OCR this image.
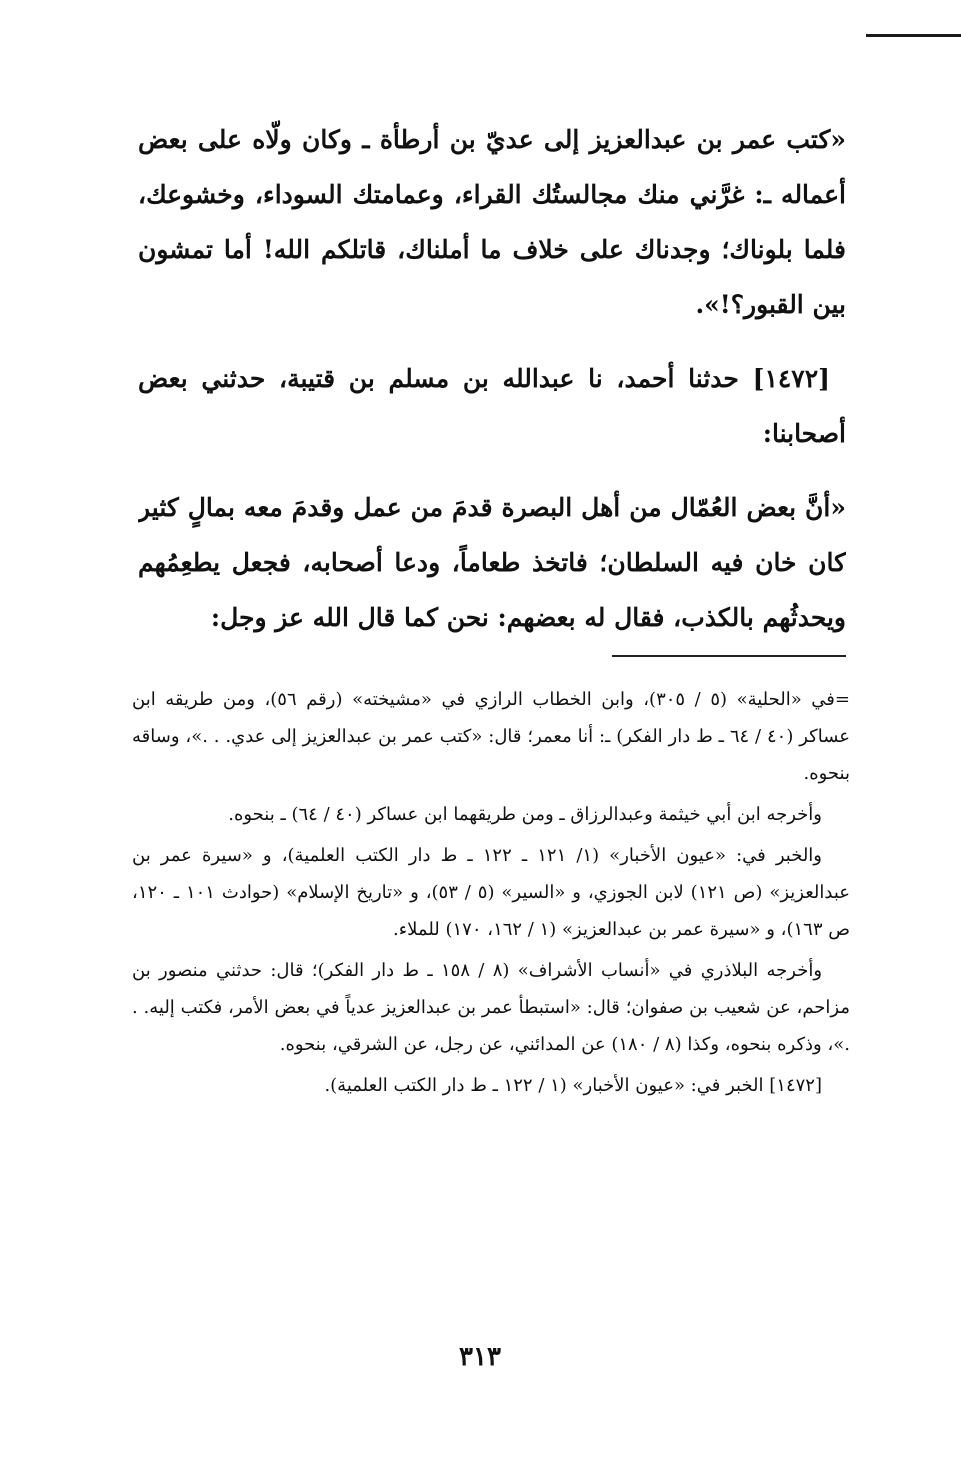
«كتب عمر بن عبدالعزيز إلى عديّ بن أرطأة ـ وكان ولّاه على بعض أعماله ـ: غرَّني منك مجالستُك القراء، وعمامتك السوداء، وخشوعك، فلما بلوناك؛ وجدناك على خلاف ما أملناك، قاتلكم الله! أما تمشون بين القبور؟!».

[١٤٧٢] حدثنا أحمد، نا عبدالله بن مسلم بن قتيبة، حدثني بعض أصحابنا:

«أنَّ بعض العُمّال من أهل البصرة قدمَ من عمل وقدمَ معه بمالٍ كثير كان خان فيه السلطان؛ فاتخذ طعاماً، ودعا أصحابه، فجعل يطعِمُهم ويحدثُهم بالكذب، فقال له بعضهم: نحن كما قال الله عز وجل:

=في «الحلية» (٥ / ٣٠٥)، وابن الخطاب الرازي في «مشيخته» (رقم ٥٦)، ومن طريقه ابن عساكر (٤٠ / ٦٤ ـ ط دار الفكر) ـ: أنا معمر؛ قال: «كتب عمر بن عبدالعزيز إلى عدي. . .»، وساقه بنحوه.

وأخرجه ابن أبي خيثمة وعبدالرزاق ـ ومن طريقهما ابن عساكر (٤٠ / ٦٤) ـ بنحوه.

والخبر في: «عيون الأخبار» (١/ ١٢١ ـ ١٢٢ ـ ط دار الكتب العلمية)، و «سيرة عمر بن عبدالعزيز» (ص ١٢١) لابن الجوزي، و «السير» (٥ / ٥٣)، و «تاريخ الإسلام» (حوادث ١٠١ ـ ١٢٠، ص ١٦٣)، و «سيرة عمر بن عبدالعزيز» (١ / ١٦٢، ١٧٠) للملاء.

وأخرجه البلاذري في «أنساب الأشراف» (٨ / ١٥٨ ـ ط دار الفكر)؛ قال: حدثني منصور بن مزاحم، عن شعيب بن صفوان؛ قال: «استبطأ عمر بن عبدالعزيز عدياً في بعض الأمر، فكتب إليه. . .»، وذكره بنحوه، وكذا (٨ / ١٨٠) عن المدائني، عن رجل، عن الشرقي، بنحوه.

[١٤٧٢] الخبر في: «عيون الأخبار» (١ / ١٢٢ ـ ط دار الكتب العلمية).

٣١٣
